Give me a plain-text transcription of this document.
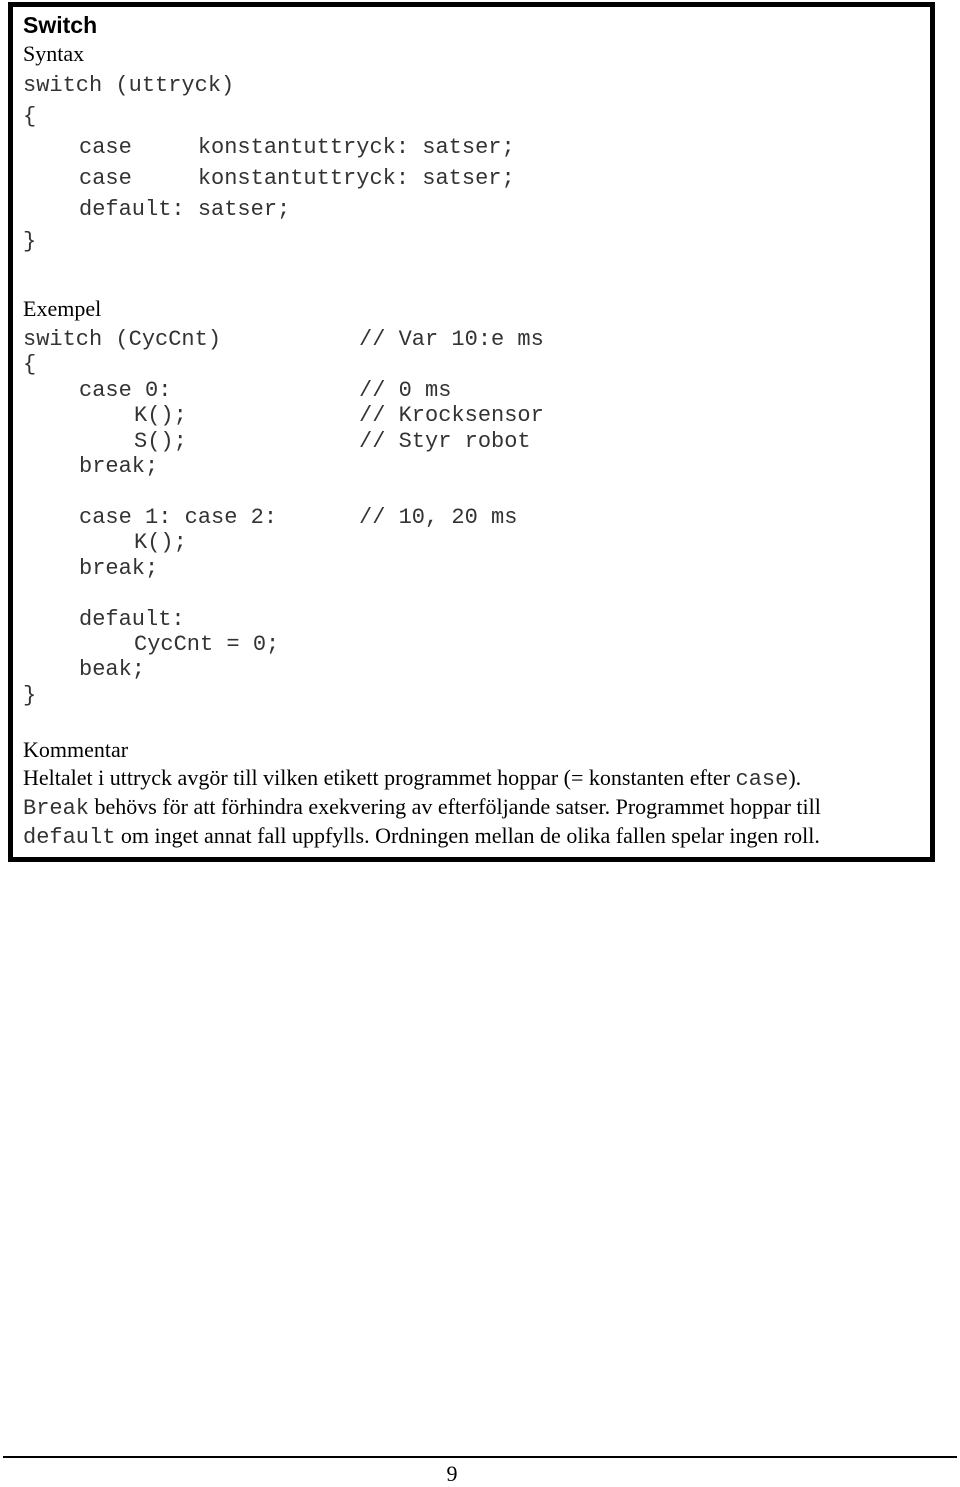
Switch
Syntax
switch (uttryck)
{
case     konstantuttryck: satser;
case     konstantuttryck: satser;
default: satser;
}
Exempel
switch (CycCnt)
{
case 0:
K();
S();
break;
case 1: case 2:
K();
break;
default:
CycCnt = 0;
beak;
}
// Var 10:e ms
// 0 ms
// Krocksensor
// Styr robot
// 10, 20 ms
Kommentar
Heltalet i uttryck avgör till vilken etikett programmet hoppar (= konstanten efter case).
Break behövs för att förhindra exekvering av efterföljande satser. Programmet hoppar till
default om inget annat fall uppfylls. Ordningen mellan de olika fallen spelar ingen roll.
9
